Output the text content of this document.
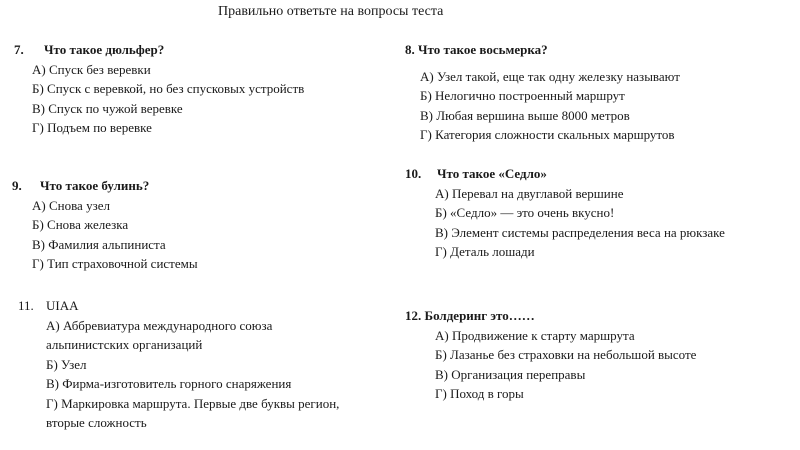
Правильно ответьте на вопросы теста
7. Что такое дюльфер?
А) Спуск без веревки
Б) Спуск с веревкой, но без спусковых устройств
В) Спуск по чужой веревке
Г) Подъем по веревке
8. Что такое восьмерка?
А) Узел такой, еще так одну железку называют
Б) Нелогично построенный маршрут
В) Любая вершина выше 8000 метров
Г) Категория сложности скальных маршрутов
9. Что такое булинь?
А) Снова узел
Б) Снова железка
В) Фамилия альпиниста
Г) Тип страховочной системы
10. Что такое «Седло»
А) Перевал на двуглавой вершине
Б) «Седло» — это очень вкусно!
В) Элемент системы распределения веса на рюкзаке
Г) Деталь лошади
11. UIAA
А) Аббревиатура международного союза
альпинистских организаций
Б) Узел
В) Фирма-изготовитель горного снаряжения
Г) Маркировка маршрута. Первые две буквы регион,
вторые сложность
12. Болдеринг это……
А) Продвижение к старту маршрута
Б) Лазанье без страховки на небольшой высоте
В) Организация переправы
Г) Поход в горы
